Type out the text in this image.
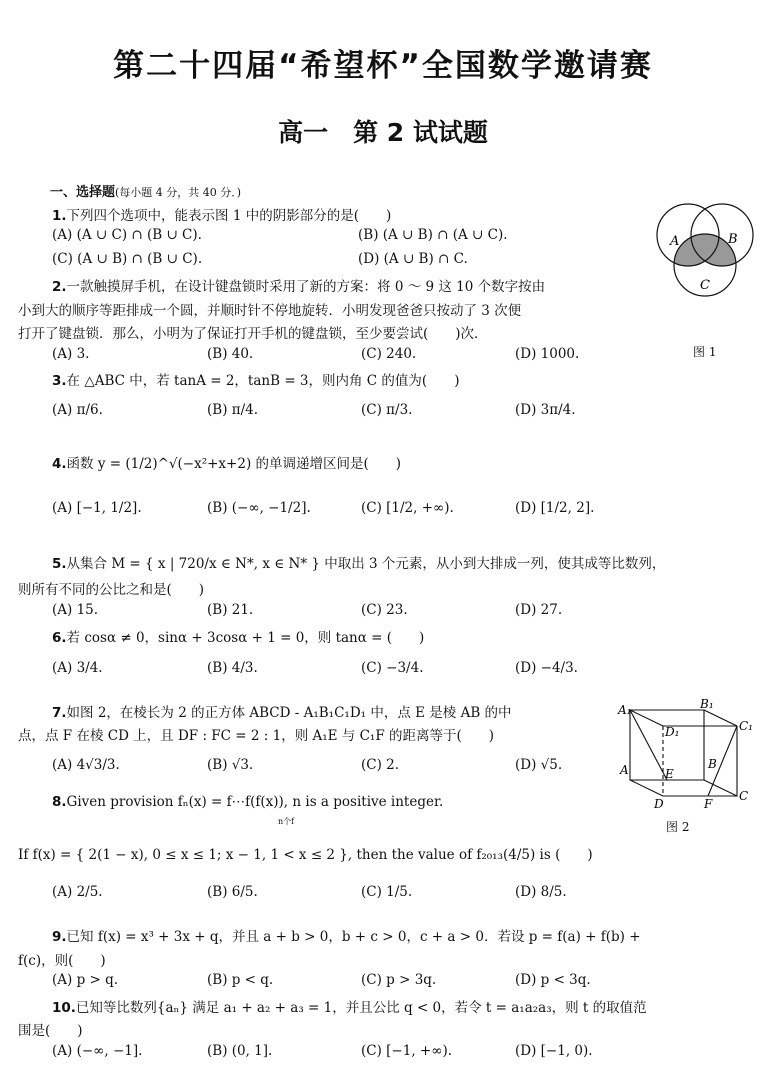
第二十四届“希望杯”全国数学邀请赛
高一　第 2 试试题
一、选择题(每小题 4 分，共 40 分．)
1.下列四个选项中，能表示图 1 中的阴影部分的是(　　)
(A) (A ∪ C) ∩ (B ∪ C).	(B) (A ∪ B) ∩ (A ∪ C).
(C) (A ∪ B) ∩ (B ∪ C).	(D) (A ∪ B) ∩ C.
A	B
C
图 1
2.一款触摸屏手机，在设计键盘锁时采用了新的方案：将 0 ～ 9 这 10 个数字按由
小到大的顺序等距排成一个圆，并顺时针不停地旋转．小明发现爸爸只按动了 3 次便
打开了键盘锁．那么，小明为了保证打开手机的键盘锁，至少要尝试(　　)次．
(A) 3.	(B) 40.	(C) 240.	(D) 1000.
3.在 △ABC 中，若 tanA = 2，tanB = 3，则内角 C 的值为(　　)
(A) π/6.	(B) π/4.	(C) π/3.	(D) 3π/4.
4.函数 y = (1/2)^√(−x²+x+2) 的单调递增区间是(　　)
(A) [−1, 1/2].	(B) (−∞, −1/2].	(C) [1/2, +∞).	(D) [1/2, 2].
5.从集合 M = { x | 720/x ∈ N*, x ∈ N* } 中取出 3 个元素，从小到大排成一列，使其成等比数列，
则所有不同的公比之和是(　　)
(A) 15.	(B) 21.	(C) 23.	(D) 27.
6.若 cosα ≠ 0，sinα + 3cosα + 1 = 0，则 tanα = (　　)
(A) 3/4.	(B) 4/3.	(C) −3/4.	(D) −4/3.
7.如图 2，在棱长为 2 的正方体 ABCD - A₁B₁C₁D₁ 中，点 E 是棱 AB 的中
点，点 F 在棱 CD 上，且 DF : FC = 2 : 1，则 A₁E 与 C₁F 的距离等于(　　)
(A) 4√3/3.	(B) √3.	(C) 2.	(D) √5.
A₁	B₁
D₁	C₁
A	E
B
D	F
C
图 2
8.Given provision fₙ(x) = f⋯f(f(x)), n is a positive integer.
n个f
If f(x) = { 2(1 − x), 0 ≤ x ≤ 1; x − 1, 1 < x ≤ 2 }, then the value of f₂₀₁₃(4/5) is (　　)
(A) 2/5.	(B) 6/5.	(C) 1/5.	(D) 8/5.
9.已知 f(x) = x³ + 3x + q，并且 a + b > 0，b + c > 0，c + a > 0．若设 p = f(a) + f(b) +
f(c)，则(　　)
(A) p > q.	(B) p < q.	(C) p > 3q.	(D) p < 3q.
10.已知等比数列{aₙ} 满足 a₁ + a₂ + a₃ = 1，并且公比 q < 0，若令 t = a₁a₂a₃，则 t 的取值范
围是(　　)
(A) (−∞, −1].	(B) (0, 1].	(C) [−1, +∞).	(D) [−1, 0).
